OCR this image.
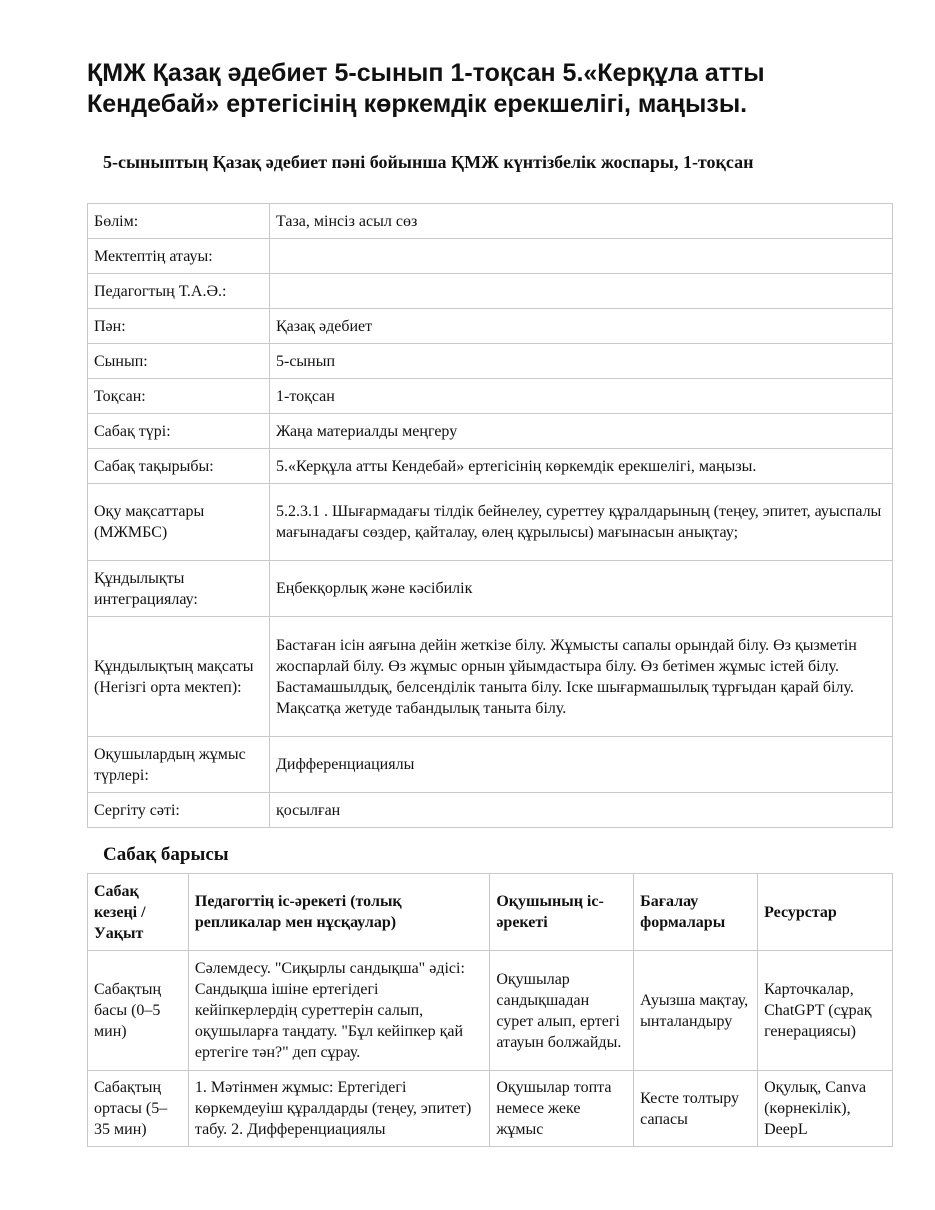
ҚМЖ Қазақ әдебиет 5-сынып 1-тоқсан 5.«Керқұла атты Кендебай» ертегісінің көркемдік ерекшелігі, маңызы.

5-сыныптың Қазақ әдебиет пәні бойынша ҚМЖ күнтізбелік жоспары, 1-тоқсан

Бөлім:	Таза, мінсіз асыл сөз
Мектептің атауы:	
Педагогтың Т.А.Ә.:	
Пән:	Қазақ әдебиет
Сынып:	5-сынып
Тоқсан:	1-тоқсан
Сабақ түрі:	Жаңа материалды меңгеру
Сабақ тақырыбы:	5.«Керқұла атты Кендебай» ертегісінің көркемдік ерекшелігі, маңызы.
Оқу мақсаттары (МЖМБС)	5.2.3.1 . Шығармадағы тілдік бейнелеу, суреттеу құралдарының (теңеу, эпитет, ауыспалы мағынадағы сөздер, қайталау, өлең құрылысы) мағынасын анықтау;
Құндылықты интеграциялау:	Еңбекқорлық және кәсібилік
Құндылықтың мақсаты (Негізгі орта мектеп):	Бастаған ісін аяғына дейін жеткізе білу. Жұмысты сапалы орындай білу. Өз қызметін жоспарлай білу. Өз жұмыс орнын ұйымдастыра білу. Өз бетімен жұмыс істей білу. Бастамашылдық, белсенділік таныта білу. Іске шығармашылық тұрғыдан қарай білу. Мақсатқа жетуде табандылық таныта білу.
Оқушылардың жұмыс түрлері:	Дифференциациялы
Сергіту сәті:	қосылған

Сабақ барысы

Сабақ кезеңі / Уақыт	Педагогтің іс-әрекеті (толық репликалар мен нұсқаулар)	Оқушының іс-әрекеті	Бағалау формалары	Ресурстар
Сабақтың басы (0–5 мин)	Сәлемдесу. "Сиқырлы сандықша" әдісі: Сандықша ішіне ертегідегі кейіпкерлердің суреттерін салып, оқушыларға таңдату. "Бұл кейіпкер қай ертегіге тән?" деп сұрау.	Оқушылар сандықшадан сурет алып, ертегі атауын болжайды.	Ауызша мақтау, ынталандыру	Карточкалар, ChatGPT (сұрақ генерациясы)
Сабақтың ортасы (5–35 мин)	1. Мәтінмен жұмыс: Ертегідегі көркемдеуіш құралдарды (теңеу, эпитет) табу. 2. Дифференциациялы	Оқушылар топта немесе жеке жұмыс	Кесте толтыру сапасы	Оқулық, Canva (көрнекілік), DeepL
